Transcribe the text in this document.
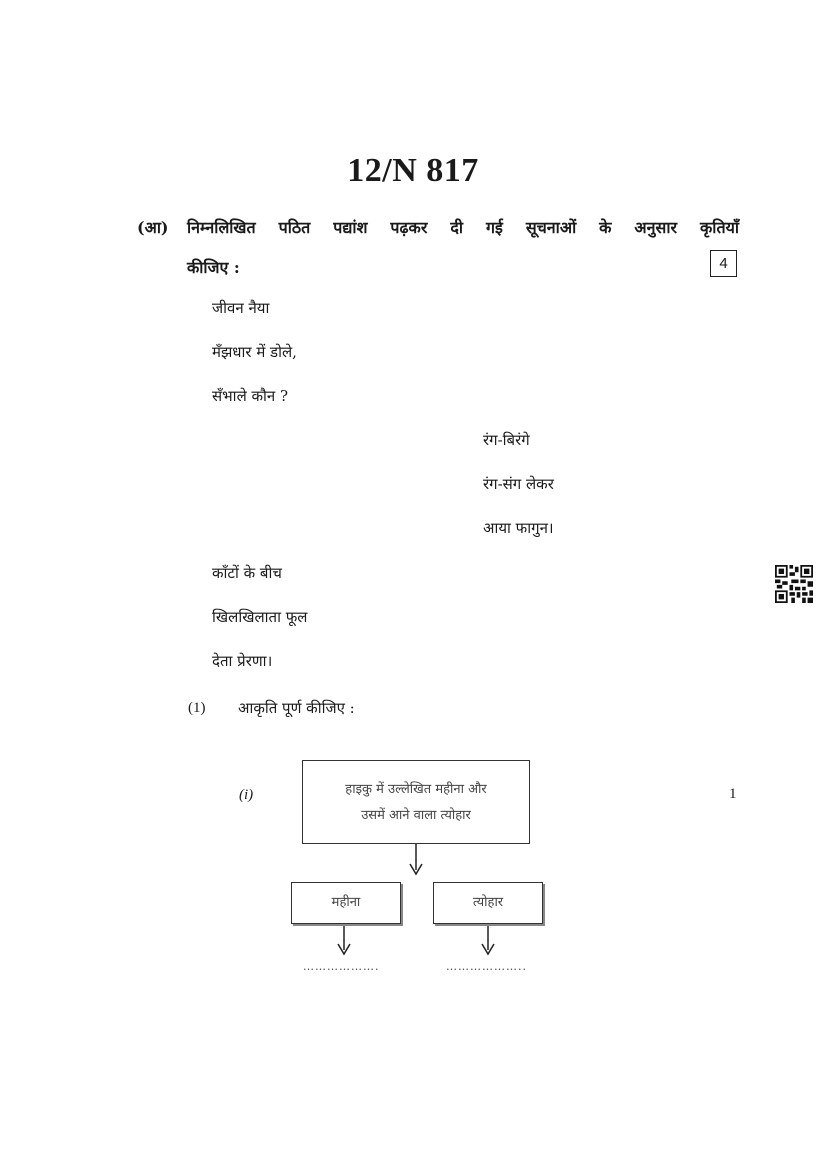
12/N 817
(आ) निम्नलिखित पठित पद्यांश पढ़कर दी गई सूचनाओं के अनुसार कृतियाँ
कीजिए :	4
जीवन नैया
मँझधार में डोले,
सँभाले कौन ?
रंग-बिरंगे
रंग-संग लेकर
आया फागुन।
काँटों के बीच
खिलखिलाता फूल
देता प्रेरणा।
(1) आकृति पूर्ण कीजिए :
(i)	1
हाइकु में उल्लेखित महीना और
उसमें आने वाला त्योहार
महीना	त्योहार
……………….	………………..
